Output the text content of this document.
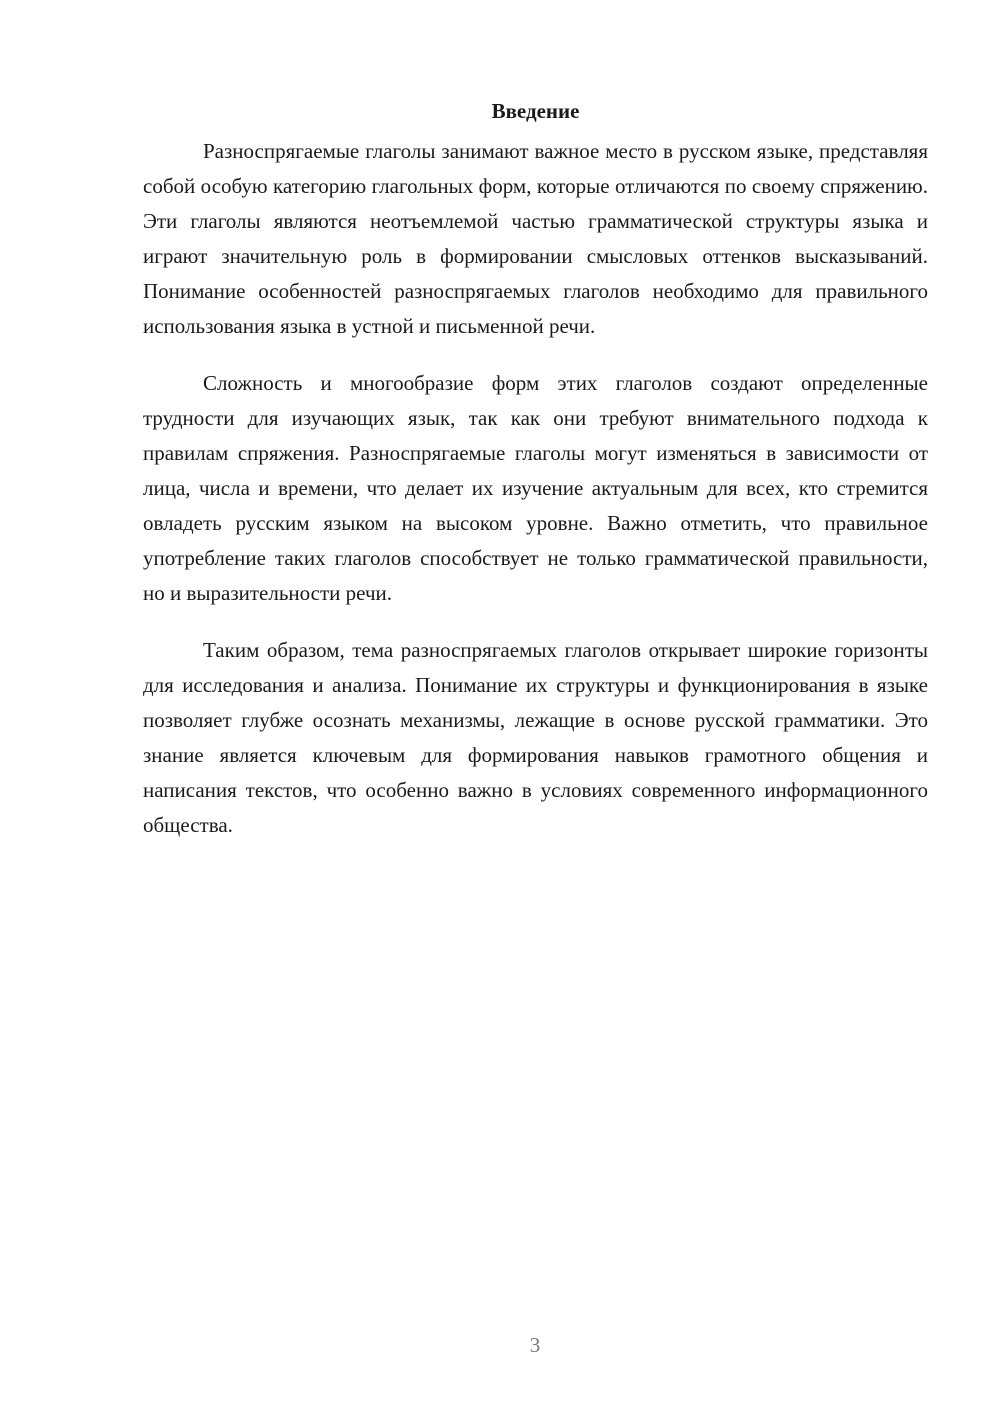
Введение

Разноспрягаемые глаголы занимают важное место в русском языке, представляя собой особую категорию глагольных форм, которые отличаются по своему спряжению. Эти глаголы являются неотъемлемой частью грамматической структуры языка и играют значительную роль в формировании смысловых оттенков высказываний. Понимание особенностей разноспрягаемых глаголов необходимо для правильного использования языка в устной и письменной речи.

Сложность и многообразие форм этих глаголов создают определенные трудности для изучающих язык, так как они требуют внимательного подхода к правилам спряжения. Разноспрягаемые глаголы могут изменяться в зависимости от лица, числа и времени, что делает их изучение актуальным для всех, кто стремится овладеть русским языком на высоком уровне. Важно отметить, что правильное употребление таких глаголов способствует не только грамматической правильности, но и выразительности речи.

Таким образом, тема разноспрягаемых глаголов открывает широкие горизонты для исследования и анализа. Понимание их структуры и функционирования в языке позволяет глубже осознать механизмы, лежащие в основе русской грамматики. Это знание является ключевым для формирования навыков грамотного общения и написания текстов, что особенно важно в условиях современного информационного общества.

3
